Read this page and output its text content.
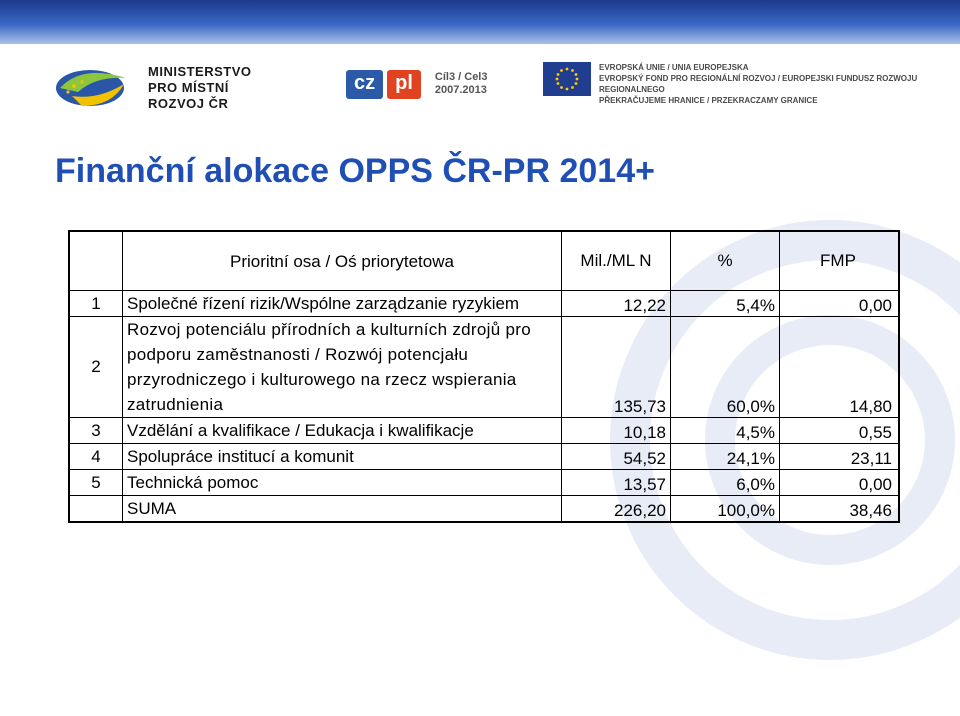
MINISTERSTVO
PRO MÍSTNÍ
ROZVOJ ČR
cz	pl	Cíl3 / Cel3
2007.2013
EVROPSKÁ UNIE / UNIA EUROPEJSKA
EVROPSKÝ FOND PRO REGIONÁLNÍ ROZVOJ / EUROPEJSKI FUNDUSZ ROZWOJU REGIONALNEGO
PŘEKRAČUJEME HRANICE / PRZEKRACZAMY GRANICE
Finanční alokace OPPS ČR-PR 2014+
	Prioritní osa / Oś priorytetowa	Mil./ML N	%	FMP
1	Společné řízení rizik/Wspólne zarządzanie ryzykiem	12,22	5,4%	0,00
2	Rozvoj potenciálu přírodních a kulturních zdrojů pro podporu zaměstnanosti / Rozwój potencjału przyrodniczego i kulturowego na rzecz wspierania zatrudnienia	135,73	60,0%	14,80
3	Vzdělání a kvalifikace / Edukacja i kwalifikacje	10,18	4,5%	0,55
4	Spolupráce institucí a komunit	54,52	24,1%	23,11
5	Technická pomoc	13,57	6,0%	0,00
	SUMA	226,20	100,0%	38,46
